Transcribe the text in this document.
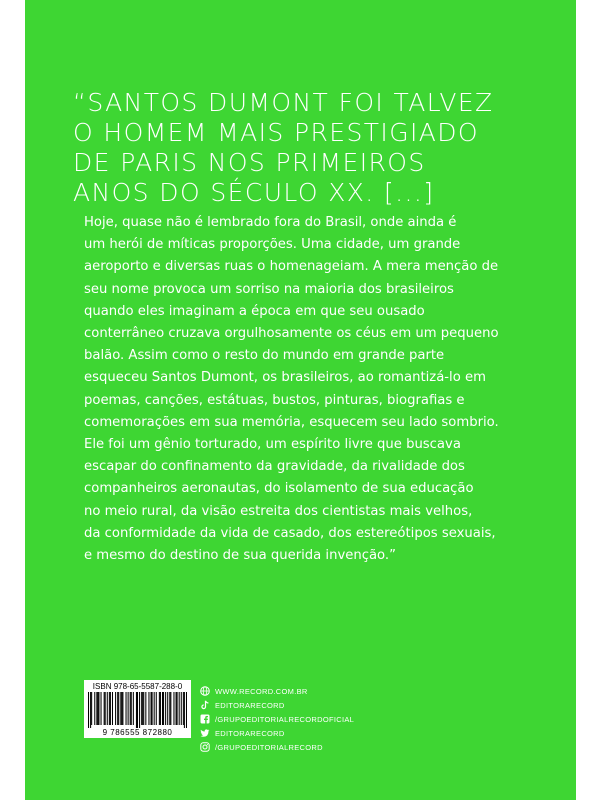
“SANTOS DUMONT FOI TALVEZ
O HOMEM MAIS PRESTIGIADO
DE PARIS NOS PRIMEIROS
ANOS DO SÉCULO XX. [...]

Hoje, quase não é lembrado fora do Brasil, onde ainda é
um herói de míticas proporções. Uma cidade, um grande
aeroporto e diversas ruas o homenageiam. A mera menção de
seu nome provoca um sorriso na maioria dos brasileiros
quando eles imaginam a época em que seu ousado
conterrâneo cruzava orgulhosamente os céus em um pequeno
balão. Assim como o resto do mundo em grande parte
esqueceu Santos Dumont, os brasileiros, ao romantizá-lo em
poemas, canções, estátuas, bustos, pinturas, biografias e
comemorações em sua memória, esquecem seu lado sombrio.
Ele foi um gênio torturado, um espírito livre que buscava
escapar do confinamento da gravidade, da rivalidade dos
companheiros aeronautas, do isolamento de sua educação
no meio rural, da visão estreita dos cientistas mais velhos,
da conformidade da vida de casado, dos estereótipos sexuais,
e mesmo do destino de sua querida invenção.”

ISBN 978-65-5587-288-0
9 786555 872880
WWW.RECORD.COM.BR
EDITORARECORD
/GRUPOEDITORIALRECORDOFICIAL
EDITORARECORD
/GRUPOEDITORIALRECORD
